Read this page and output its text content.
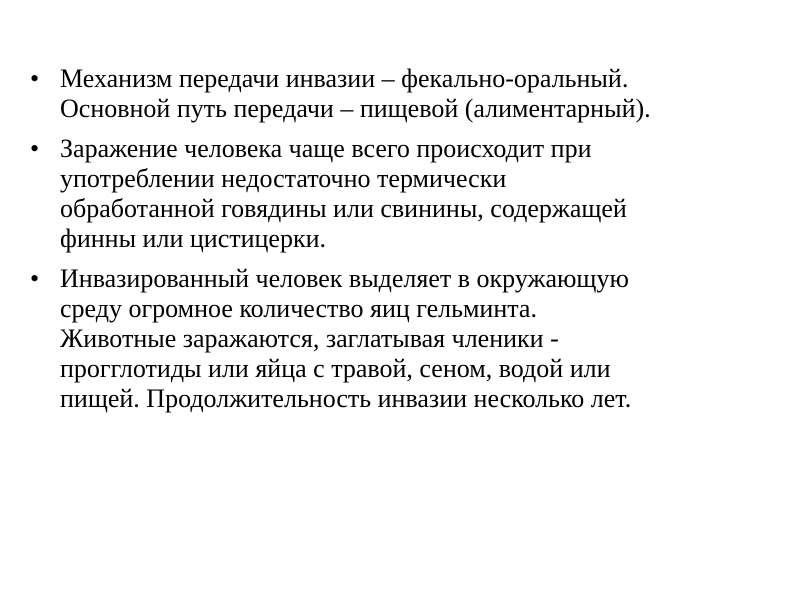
• Механизм передачи инвазии – фекально-оральный.
Основной путь передачи – пищевой (алиментарный).
• Заражение человека чаще всего происходит при
употреблении недостаточно термически
обработанной говядины или свинины, содержащей
финны или цистицерки.
• Инвазированный человек выделяет в окружающую
среду огромное количество яиц гельминта.
Животные заражаются, заглатывая членики -
прогглотиды или яйца с травой, сеном, водой или
пищей. Продолжительность инвазии несколько лет.
